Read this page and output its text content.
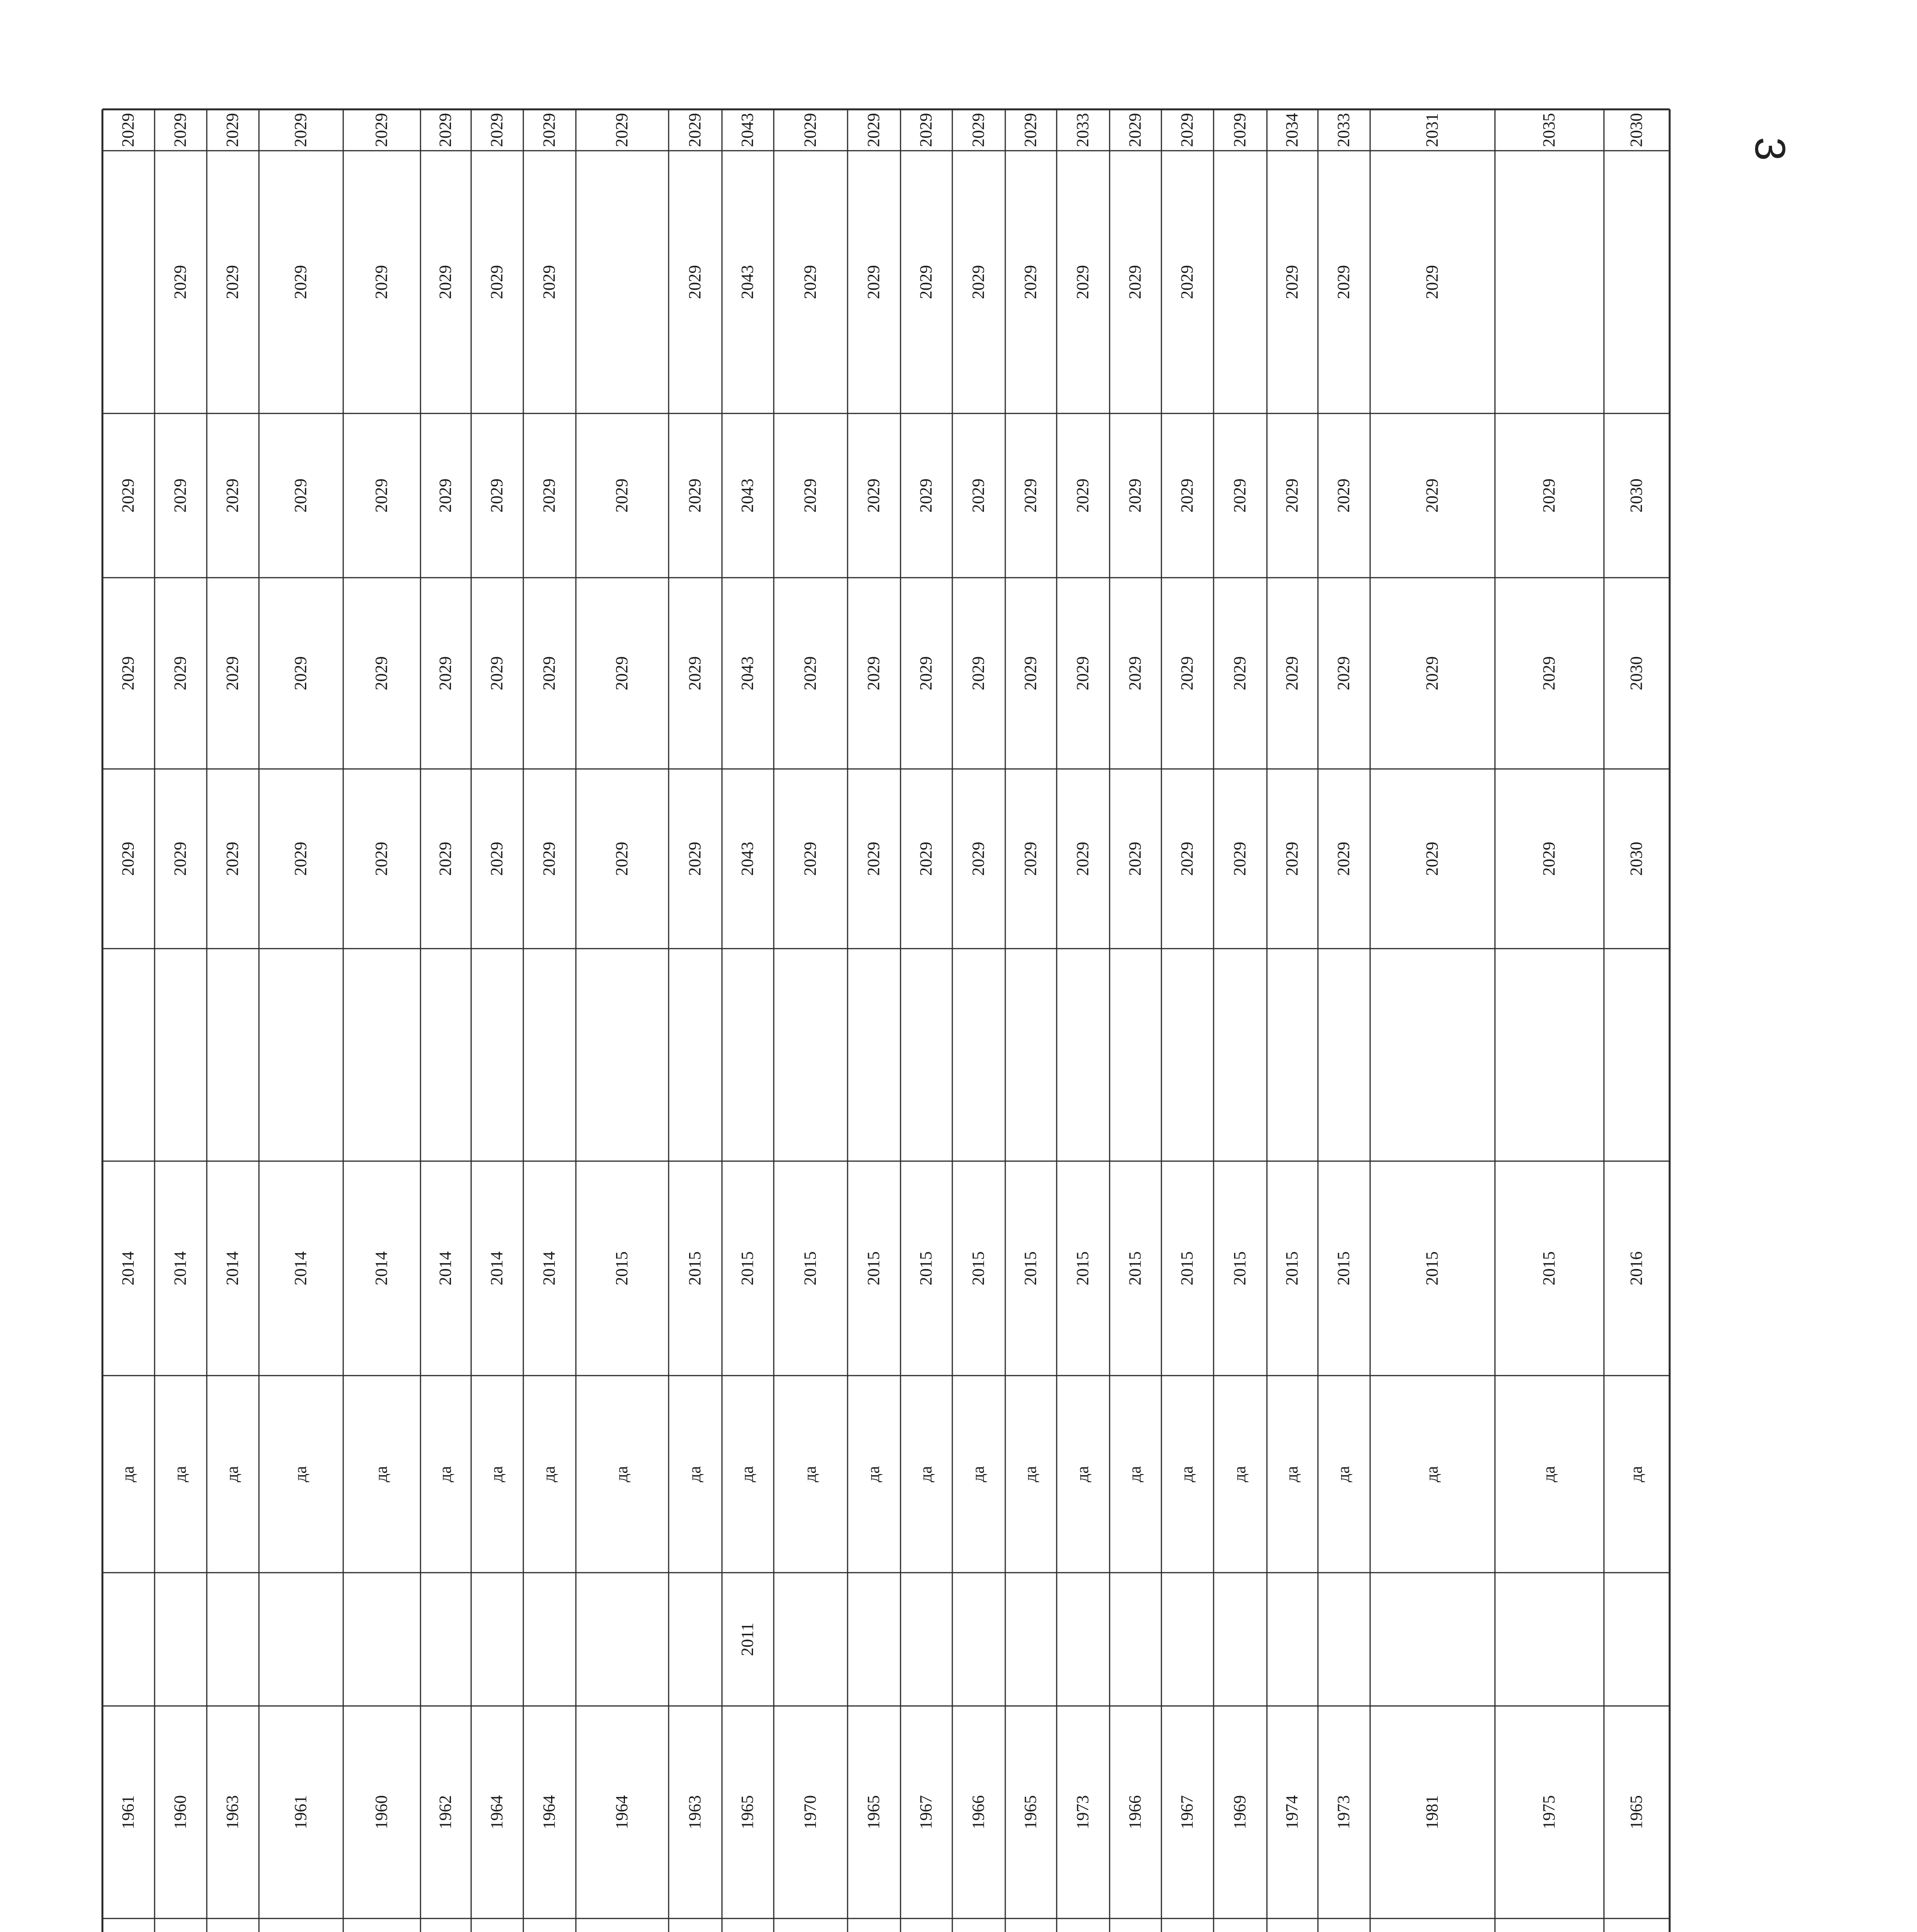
2029
2029
2029
2029
2014
да
1961
2029
2029
2029
2029
2029
2014
да
1960
2029
2029
2029
2029
2029
2014
да
1963
2029
2029
2029
2029
2029
2014
да
1961
2029
2029
2029
2029
2029
2014
да
1960
2029
2029
2029
2029
2029
2014
да
1962
2029
2029
2029
2029
2029
2014
да
1964
2029
2029
2029
2029
2029
2014
да
1964
2029
2029
2029
2029
2015
да
1964
2029
2029
2029
2029
2029
2015
да
1963
2043
2043
2043
2043
2043
2015
да
2011
1965
2029
2029
2029
2029
2029
2015
да
1970
2029
2029
2029
2029
2029
2015
да
1965
2029
2029
2029
2029
2029
2015
да
1967
2029
2029
2029
2029
2029
2015
да
1966
2029
2029
2029
2029
2029
2015
да
1965
2033
2029
2029
2029
2029
2015
да
1973
2029
2029
2029
2029
2029
2015
да
1966
2029
2029
2029
2029
2029
2015
да
1967
2029
2029
2029
2029
2015
да
1969
2034
2029
2029
2029
2029
2015
да
1974
2033
2029
2029
2029
2029
2015
да
1973
2031
2029
2029
2029
2029
2015
да
1981
2035
2029
2029
2029
2015
да
1975
2030
2030
2030
2030
2016
да
1965
3
